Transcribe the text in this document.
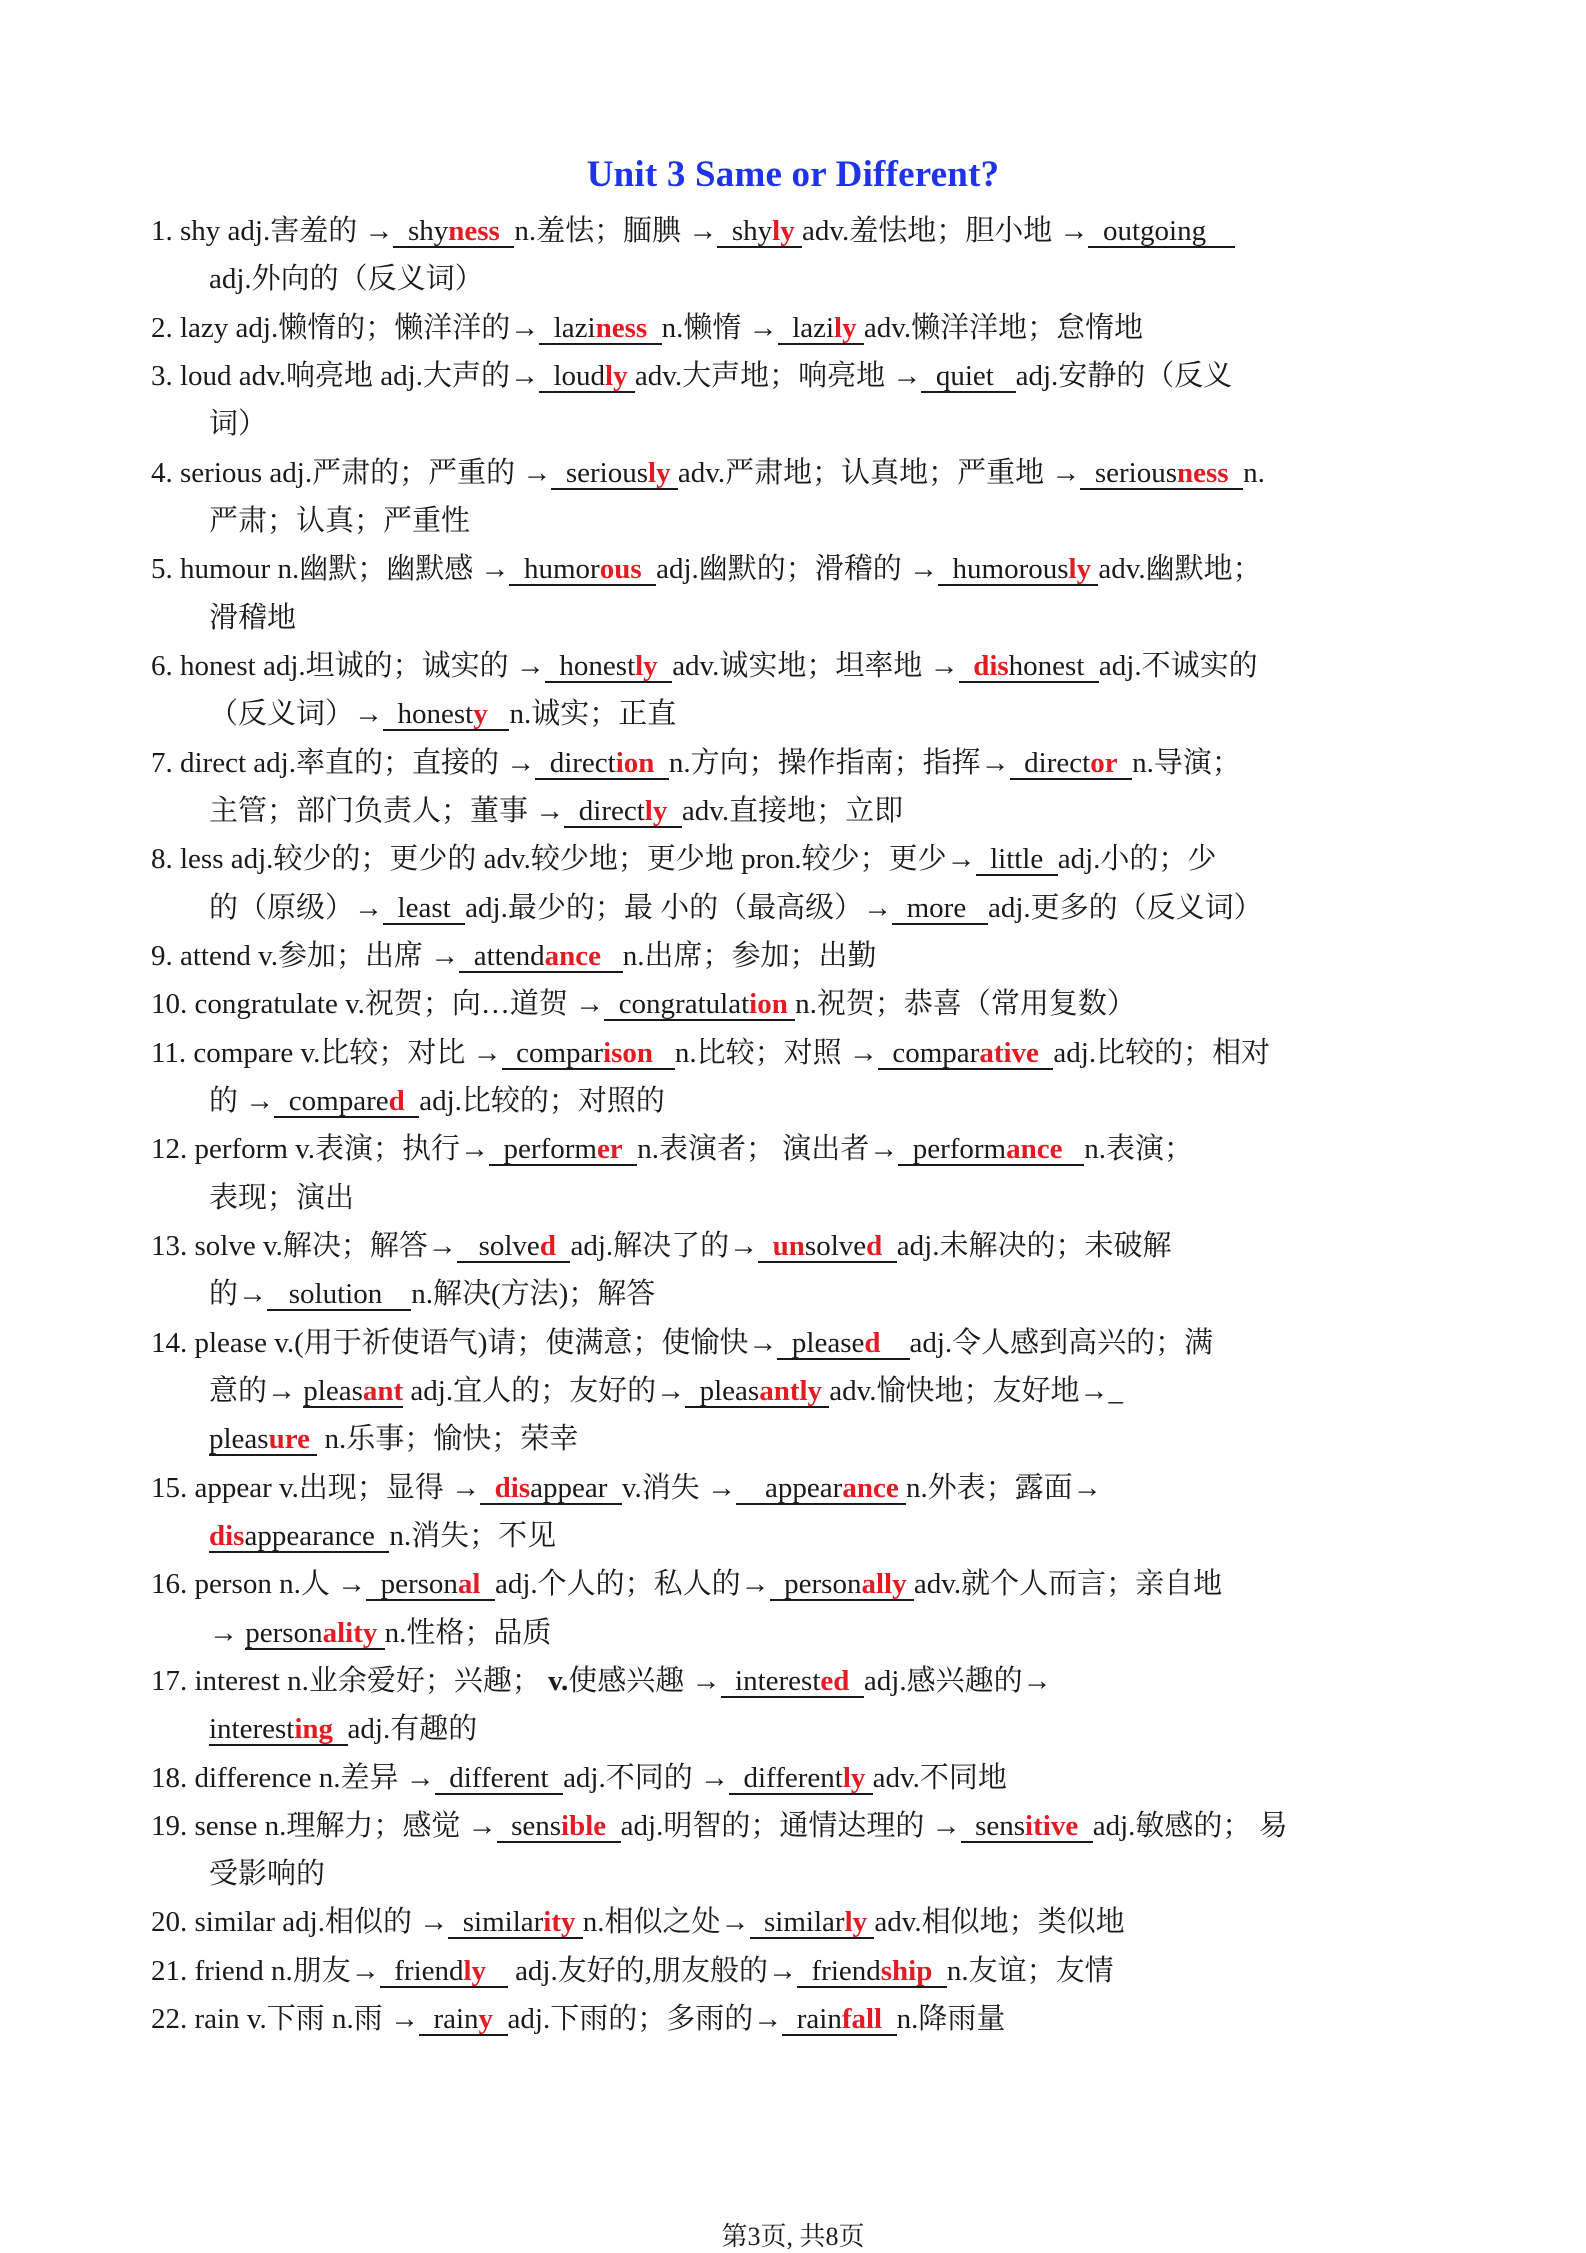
Unit 3 Same or Different?
1. shy adj.害羞的 →  shyness n.羞怯；腼腆 →  shyly adv.羞怯地；胆小地 →  outgoing
adj.外向的（反义词）
2. lazy adj.懒惰的；懒洋洋的→  laziness n.懒惰 →  lazily adv.懒洋洋地；怠惰地
3. loud adv.响亮地 adj.大声的→  loudly adv.大声地；响亮地 →  quiet   adj.安静的（反义
词）
4. serious adj.严肃的；严重的 →  seriously adv.严肃地；认真地；严重地 →  seriousness n.
严肃；认真；严重性
5. humour n.幽默；幽默感 →  humorous adj.幽默的；滑稽的 →  humorously adv.幽默地；
滑稽地
6. honest adj.坦诚的；诚实的 →  honestly adv.诚实地；坦率地 → dishonest  adj.不诚实的
（反义词）→  honesty n.诚实；正直
7. direct adj.率直的；直接的 →  direction n.方向；操作指南；指挥→  director n.导演；
主管；部门负责人；董事 →  directly adv.直接地；立即
8. less adj.较少的；更少的 adv.较少地；更少地 pron.较少；更少→  little  adj.小的；少
的（原级）→  least  adj.最少的；最 小的（最高级）→  more   adj.更多的（反义词）
9. attend v.参加；出席 →  attendance n.出席；参加；出勤
10. congratulate v.祝贺；向…道贺 →  congratulation n.祝贺；恭喜（常用复数）
11. compare v.比较；对比 →  comparison n.比较；对照 →  comparative adj.比较的；相对
的 →  compared adj.比较的；对照的
12. perform v.表演；执行→  performer n.表演者； 演出者→  performance n.表演；
表现；演出
13. solve v.解决；解答→   solved adj.解决了的→ unsolved adj.未解决的；未破解
的→   solution    n.解决(方法)；解答
14. please v.(用于祈使语气)请；使满意；使愉快→  pleased adj.令人感到高兴的；满
意的→ pleasant adj.宜人的；友好的→  pleasantly adv.愉快地；友好地→_
pleasure  n.乐事；愉快；荣幸
15. appear v.出现；显得 → disappear  v.消失 →    appearance n.外表；露面→
disappearance  n.消失；不见
16. person n.人 →  personal adj.个人的；私人的→  personally adv.就个人而言；亲自地
→ personality n.性格；品质
17. interest n.业余爱好；兴趣； v.使感兴趣 →  interested adj.感兴趣的→
interesting adj.有趣的
18. difference n.差异 →  different  adj.不同的 →  differently adv.不同地
19. sense n.理解力；感觉 →  sensible adj.明智的；通情达理的 →  sensitive adj.敏感的； 易
受影响的
20. similar adj.相似的 →  similarity n.相似之处→  similarly adv.相似地；类似地
21. friend n.朋友→  friendly    adj.友好的,朋友般的→  friendship n.友谊；友情
22. rain v.下雨 n.雨 →  rainy adj.下雨的；多雨的→  rainfall n.降雨量
第3页, 共8页
